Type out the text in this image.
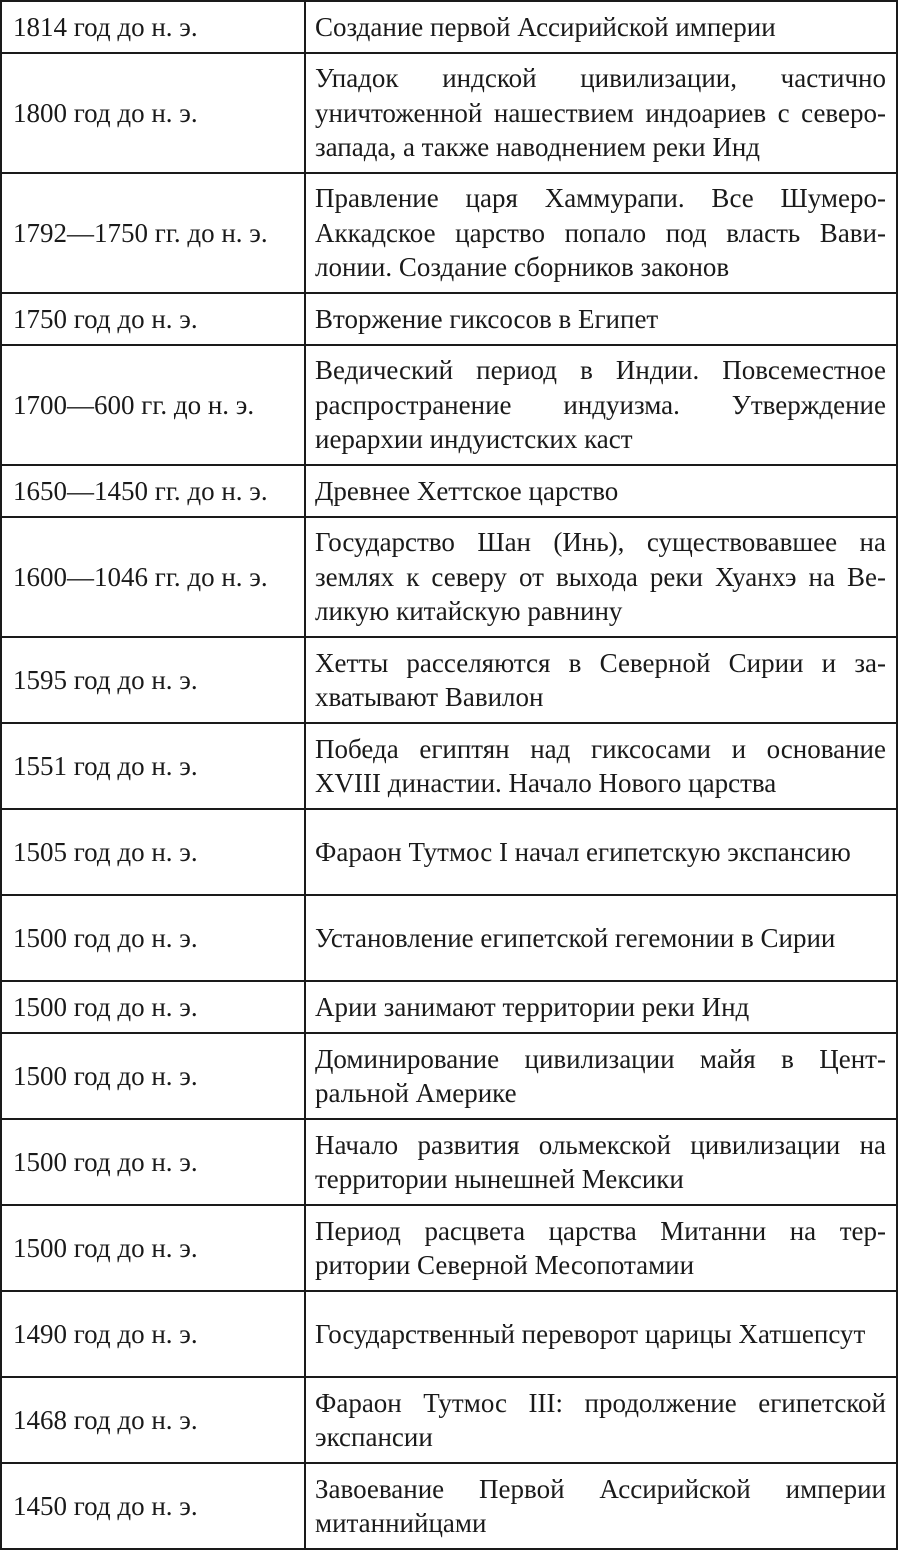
1814 год до н. э.	Создание первой Ассирийской империи

1800 год до н. э.	Упадок индской цивилизации, частично уничтоженной нашествием индоариев с северо-запада, а также наводнением реки Инд

1792—1750 гг. до н. э.	Правление царя Хаммурапи. Все Шумеро-Аккадское царство попало под власть Вавилонии. Создание сборников законов

1750 год до н. э.	Вторжение гиксосов в Египет

1700—600 гг. до н. э.	Ведический период в Индии. Повсеместное распространение индуизма. Утверждение иерархии индуистских каст

1650—1450 гг. до н. э.	Древнее Хеттское царство

1600—1046 гг. до н. э.	Государство Шан (Инь), существовавшее на землях к северу от выхода реки Хуанхэ на Великую китайскую равнину

1595 год до н. э.	Хетты расселяются в Северной Сирии и захватывают Вавилон

1551 год до н. э.	Победа египтян над гиксосами и основание XVIII династии. Начало Нового царства

1505 год до н. э.	Фараон Тутмос I начал египетскую экспансию

1500 год до н. э.	Установление египетской гегемонии в Сирии

1500 год до н. э.	Арии занимают территории реки Инд

1500 год до н. э.	Доминирование цивилизации майя в Центральной Америке

1500 год до н. э.	Начало развития ольмекской цивилизации на территории нынешней Мексики

1500 год до н. э.	Период расцвета царства Митанни на территории Северной Месопотамии

1490 год до н. э.	Государственный переворот царицы Хатшепсут

1468 год до н. э.	Фараон Тутмос III: продолжение египетской экспансии

1450 год до н. э.	Завоевание Первой Ассирийской империи митаннийцами
